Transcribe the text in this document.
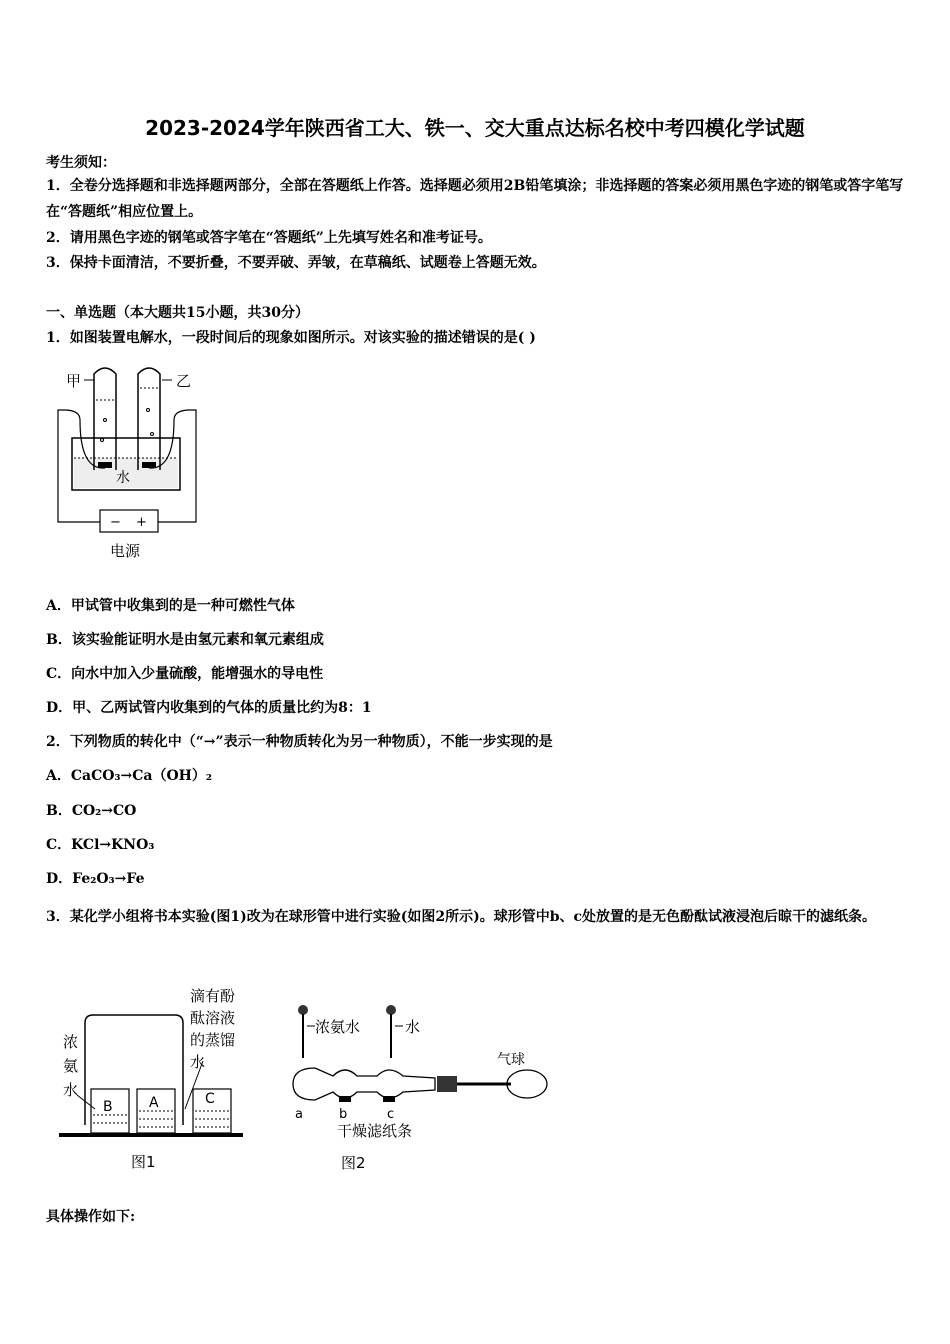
2023-2024学年陕西省工大、铁一、交大重点达标名校中考四模化学试题
考生须知：
1．全卷分选择题和非选择题两部分，全部在答题纸上作答。选择题必须用2B铅笔填涂；非选择题的答案必须用黑色字迹的钢笔或答字笔写在“答题纸”相应位置上。
2．请用黑色字迹的钢笔或答字笔在“答题纸”上先填写姓名和准考证号。
3．保持卡面清洁，不要折叠，不要弄破、弄皱，在草稿纸、试题卷上答题无效。
一、单选题（本大题共15小题，共30分）
1．如图装置电解水，一段时间后的现象如图所示。对该实验的描述错误的是( )
甲	乙
水
− +
电源
A．甲试管中收集到的是一种可燃性气体
B．该实验能证明水是由氢元素和氧元素组成
C．向水中加入少量硫酸，能增强水的导电性
D．甲、乙两试管内收集到的气体的质量比约为8：1
2．下列物质的转化中（“→”表示一种物质转化为另一种物质），不能一步实现的是
A．CaCO₃→Ca（OH）₂
B．CO₂→CO
C．KCl→KNO₃
D．Fe₂O₃→Fe
3．某化学小组将书本实验(图1)改为在球形管中进行实验(如图2所示)。球形管中b、c处放置的是无色酚酞试液浸泡后晾干的滤纸条。
浓
氨
水
滴有酚
酞溶液
的蒸馏
水
B	A	C
图1
浓氨水	水
气球
a	b	c
干燥滤纸条
图2
具体操作如下:
